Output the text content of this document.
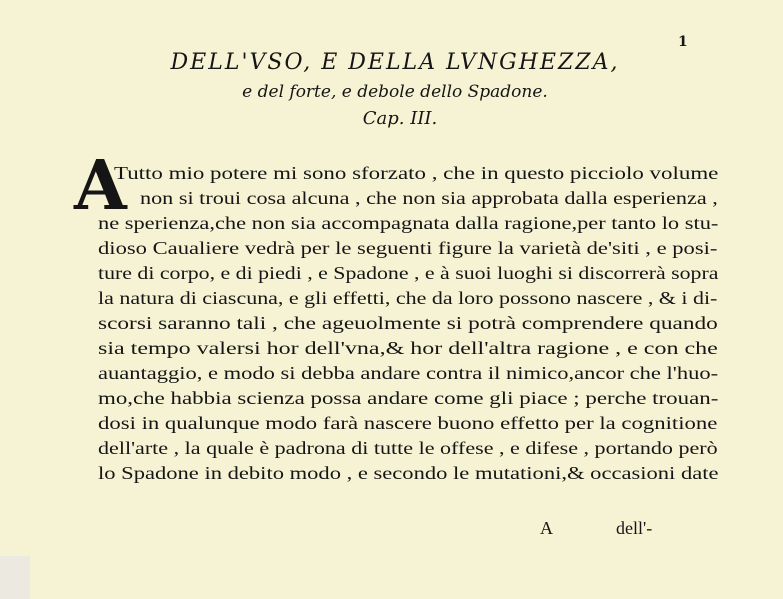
1
DELL'VSO, E DELLA LVNGHEZZA,
e del forte, e debole dello Spadone.
Cap. III.
A
Tutto mio potere mi sono sforzato , che in questo picciolo volume
non si troui cosa alcuna , che non sia approbata dalla esperienza ,
ne sperienza,che non sia accompagnata dalla ragione,per tanto lo stu-
dioso Caualiere vedrà per le seguenti figure la varietà de'siti , e posi-
ture di corpo, e di piedi , e Spadone , e à suoi luoghi si discorrerà sopra
la natura di ciascuna, e gli effetti, che da loro possono nascere , & i di-
scorsi saranno tali , che ageuolmente si potrà comprendere quando
sia tempo valersi hor dell'vna,& hor dell'altra ragione , e con che
auantaggio, e modo si debba andare contra il nimico,ancor che l'huo-
mo,che habbia scienza possa andare come gli piace ; perche trouan-
dosi in qualunque modo farà nascere buono effetto per la cognitione
dell'arte , la quale è padrona di tutte le offese , e difese , portando però
lo Spadone in debito modo , e secondo le mutationi,& occasioni date
A	dell'-
